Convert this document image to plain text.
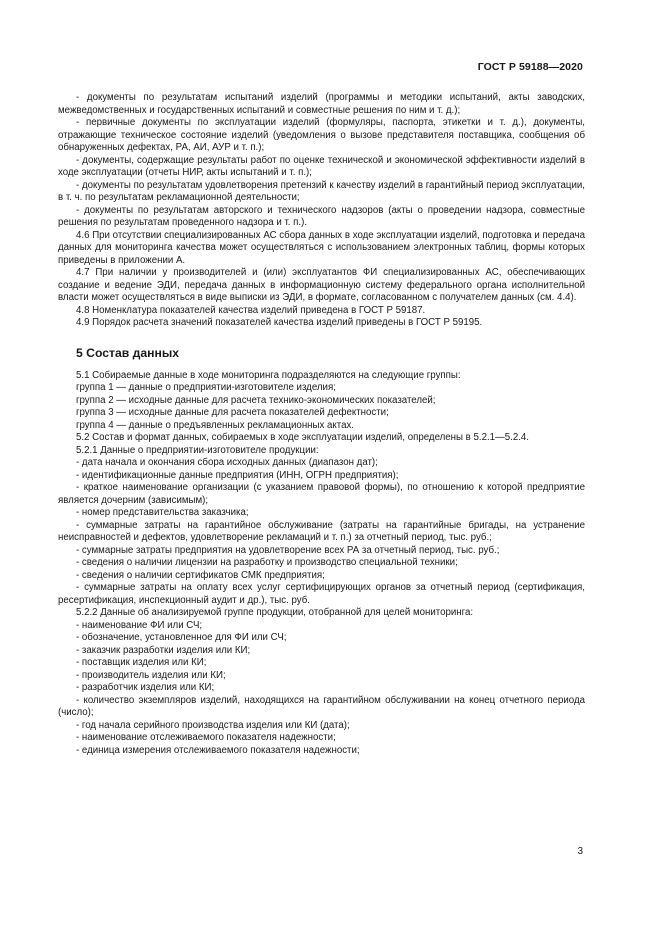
ГОСТ Р 59188—2020

- документы по результатам испытаний изделий (программы и методики испытаний, акты заводских, межведомственных и государственных испытаний и совместные решения по ним и т. д.);

- первичные документы по эксплуатации изделий (формуляры, паспорта, этикетки и т. д.), документы, отражающие техническое состояние изделий (уведомления о вызове представителя поставщика, сообщения об обнаруженных дефектах, РА, АИ, АУР и т. п.);

- документы, содержащие результаты работ по оценке технической и экономической эффективности изделий в ходе эксплуатации (отчеты НИР, акты испытаний и т. п.);

- документы по результатам удовлетворения претензий к качеству изделий в гарантийный период эксплуатации, в т. ч. по результатам рекламационной деятельности;

- документы по результатам авторского и технического надзоров (акты о проведении надзора, совместные решения по результатам проведенного надзора и т. п.).

4.6 При отсутствии специализированных АС сбора данных в ходе эксплуатации изделий, подготовка и передача данных для мониторинга качества может осуществляться с использованием электронных таблиц, формы которых приведены в приложении А.

4.7 При наличии у производителей и (или) эксплуатантов ФИ специализированных АС, обеспечивающих создание и ведение ЭДИ, передача данных в информационную систему федерального органа исполнительной власти может осуществляться в виде выписки из ЭДИ, в формате, согласованном с получателем данных (см. 4.4).

4.8 Номенклатура показателей качества изделий приведена в ГОСТ Р 59187.

4.9 Порядок расчета значений показателей качества изделий приведены в ГОСТ Р 59195.

5 Состав данных

5.1 Собираемые данные в ходе мониторинга подразделяются на следующие группы:

группа 1 — данные о предприятии-изготовителе изделия;

группа 2 — исходные данные для расчета технико-экономических показателей;

группа 3 — исходные данные для расчета показателей дефектности;

группа 4 — данные о предъявленных рекламационных актах.

5.2 Состав и формат данных, собираемых в ходе эксплуатации изделий, определены в 5.2.1—5.2.4.

5.2.1 Данные о предприятии-изготовителе продукции:

- дата начала и окончания сбора исходных данных (диапазон дат);

- идентификационные данные предприятия (ИНН, ОГРН предприятия);

- краткое наименование организации (с указанием правовой формы), по отношению к которой предприятие является дочерним (зависимым);

- номер представительства заказчика;

- суммарные затраты на гарантийное обслуживание (затраты на гарантийные бригады, на устранение неисправностей и дефектов, удовлетворение рекламаций и т. п.) за отчетный период, тыс. руб.;

- суммарные затраты предприятия на удовлетворение всех РА за отчетный период, тыс. руб.;

- сведения о наличии лицензии на разработку и производство специальной техники;

- сведения о наличии сертификатов СМК предприятия;

- суммарные затраты на оплату всех услуг сертифицирующих органов за отчетный период (сертификация, ресертификация, инспекционный аудит и др.), тыс. руб.

5.2.2 Данные об анализируемой группе продукции, отобранной для целей мониторинга:

- наименование ФИ или СЧ;

- обозначение, установленное для ФИ или СЧ;

- заказчик разработки изделия или КИ;

- поставщик изделия или КИ;

- производитель изделия или КИ;

- разработчик изделия или КИ;

- количество экземпляров изделий, находящихся на гарантийном обслуживании на конец отчетного периода (число);

- год начала серийного производства изделия или КИ (дата);

- наименование отслеживаемого показателя надежности;

- единица измерения отслеживаемого показателя надежности;

3
